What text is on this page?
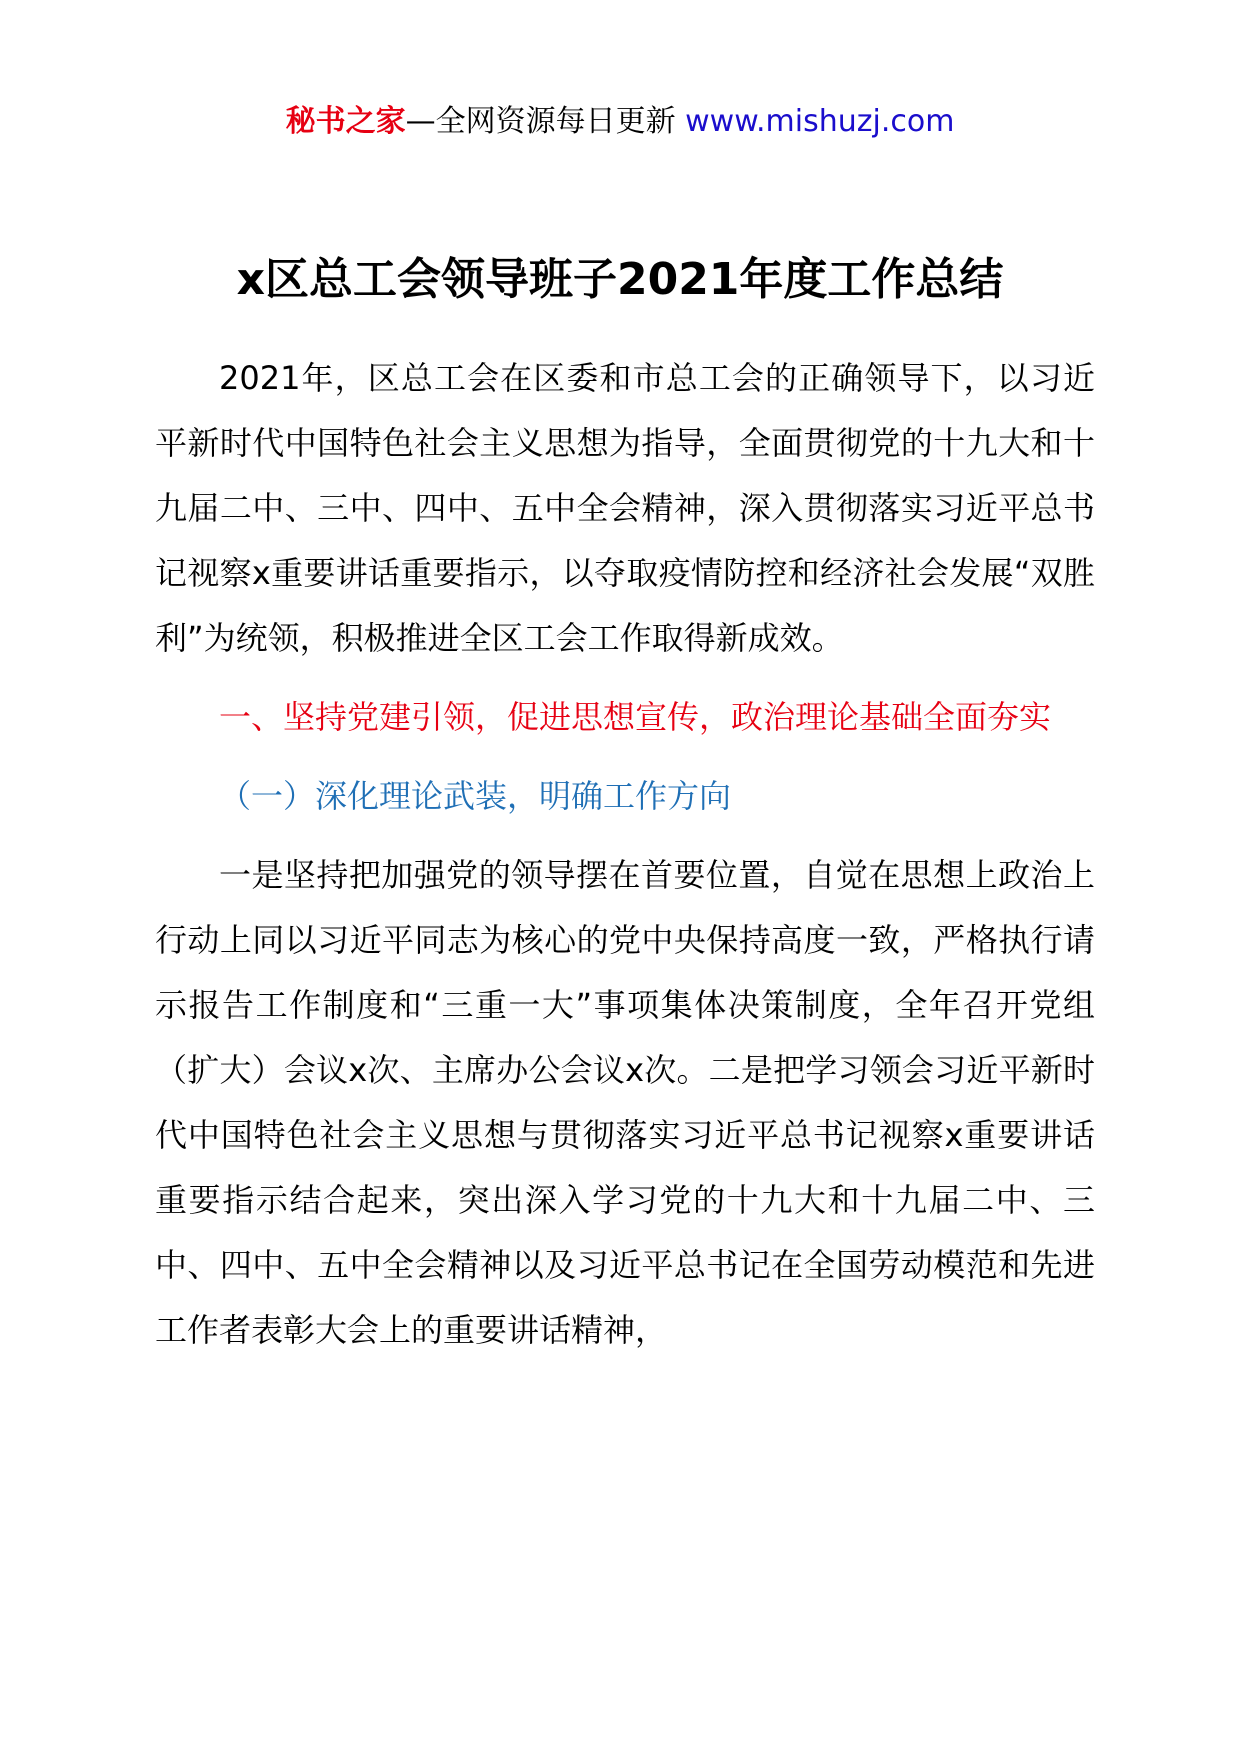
秘书之家—全网资源每日更新 www.mishuzj.com
x区总工会领导班子2021年度工作总结

2021年，区总工会在区委和市总工会的正确领导下，以习近平新时代中国特色社会主义思想为指导，全面贯彻党的十九大和十九届二中、三中、四中、五中全会精神，深入贯彻落实习近平总书记视察x重要讲话重要指示，以夺取疫情防控和经济社会发展“双胜利”为统领，积极推进全区工会工作取得新成效。

一、坚持党建引领，促进思想宣传，政治理论基础全面夯实

（一）深化理论武装，明确工作方向

一是坚持把加强党的领导摆在首要位置，自觉在思想上政治上行动上同以习近平同志为核心的党中央保持高度一致，严格执行请示报告工作制度和“三重一大”事项集体决策制度，全年召开党组（扩大）会议x次、主席办公会议x次。二是把学习领会习近平新时代中国特色社会主义思想与贯彻落实习近平总书记视察x重要讲话重要指示结合起来，突出深入学习党的十九大和十九届二中、三中、四中、五中全会精神以及习近平总书记在全国劳动模范和先进工作者表彰大会上的重要讲话精神，
